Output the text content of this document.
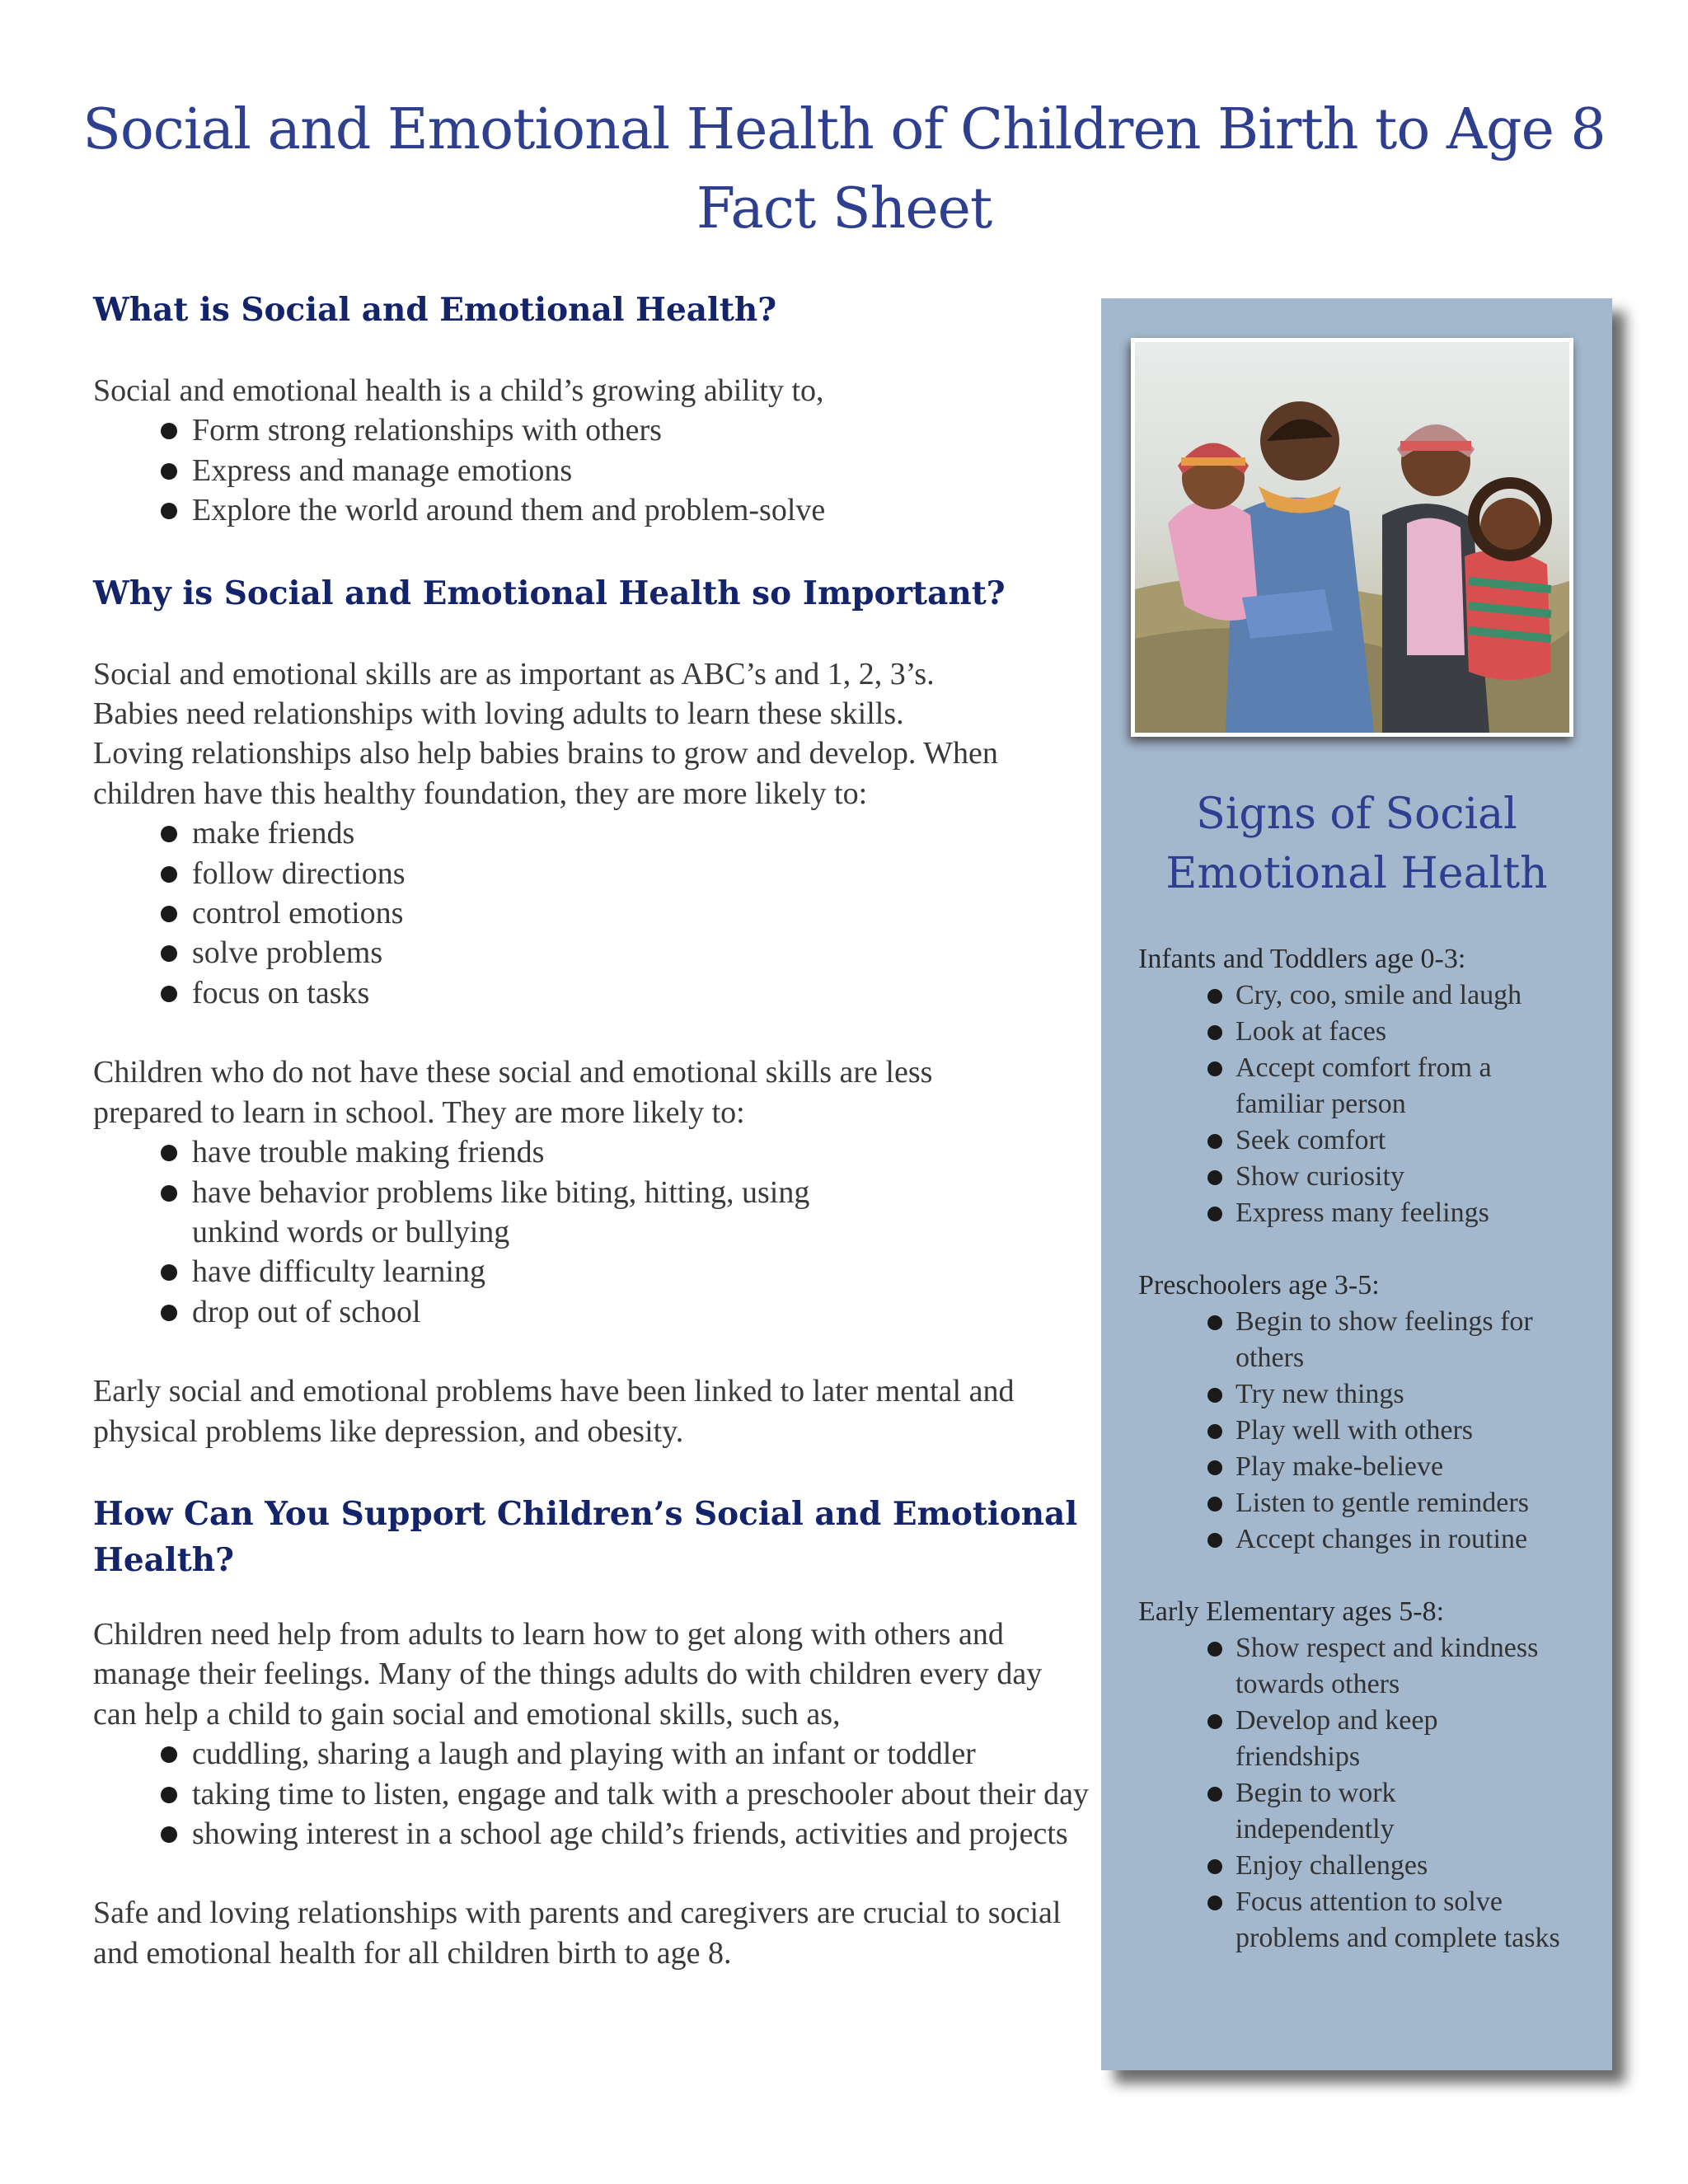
Social and Emotional Health of Children Birth to Age 8
Fact Sheet
What is Social and Emotional Health?

Social and emotional health is a child’s growing ability to,

Form strong relationships with others
Express and manage emotions
Explore the world around them and problem-solve
Why is Social and Emotional Health so Important?

Social and emotional skills are as important as ABC’s and 1, 2, 3’s.
Babies need relationships with loving adults to learn these skills.
Loving relationships also help babies brains to grow and develop. When
children have this healthy foundation, they are more likely to:

make friends
follow directions
control emotions
solve problems
focus on tasks

Children who do not have these social and emotional skills are less
prepared to learn in school. They are more likely to:

have trouble making friends
have behavior problems like biting, hitting, using unkind words or bullying
have difficulty learning
drop out of school

Early social and emotional problems have been linked to later mental and physical problems like depression, and obesity.

How Can You Support Children’s Social and Emotional Health?

Children need help from adults to learn how to get along with others and manage their feelings. Many of the things adults do with children every day can help a child to gain social and emotional skills, such as,

cuddling, sharing a laugh and playing with an infant or toddler
taking time to listen, engage and talk with a preschooler about their day
showing interest in a school age child’s friends, activities and projects

Safe and loving relationships with parents and caregivers are crucial to social and emotional health for all children birth to age 8.

Signs of Social
Emotional Health
Infants and Toddlers age 0-3:
Cry, coo, smile and laugh
Look at faces
Accept comfort from a familiar person
Seek comfort
Show curiosity
Express many feelings
Preschoolers age 3-5:
Begin to show feelings for others
Try new things
Play well with others
Play make-believe
Listen to gentle reminders
Accept changes in routine
Early Elementary ages 5-8:
Show respect and kindness towards others
Develop and keep friendships
Begin to work independently
Enjoy challenges
Focus attention to solve problems and complete tasks
